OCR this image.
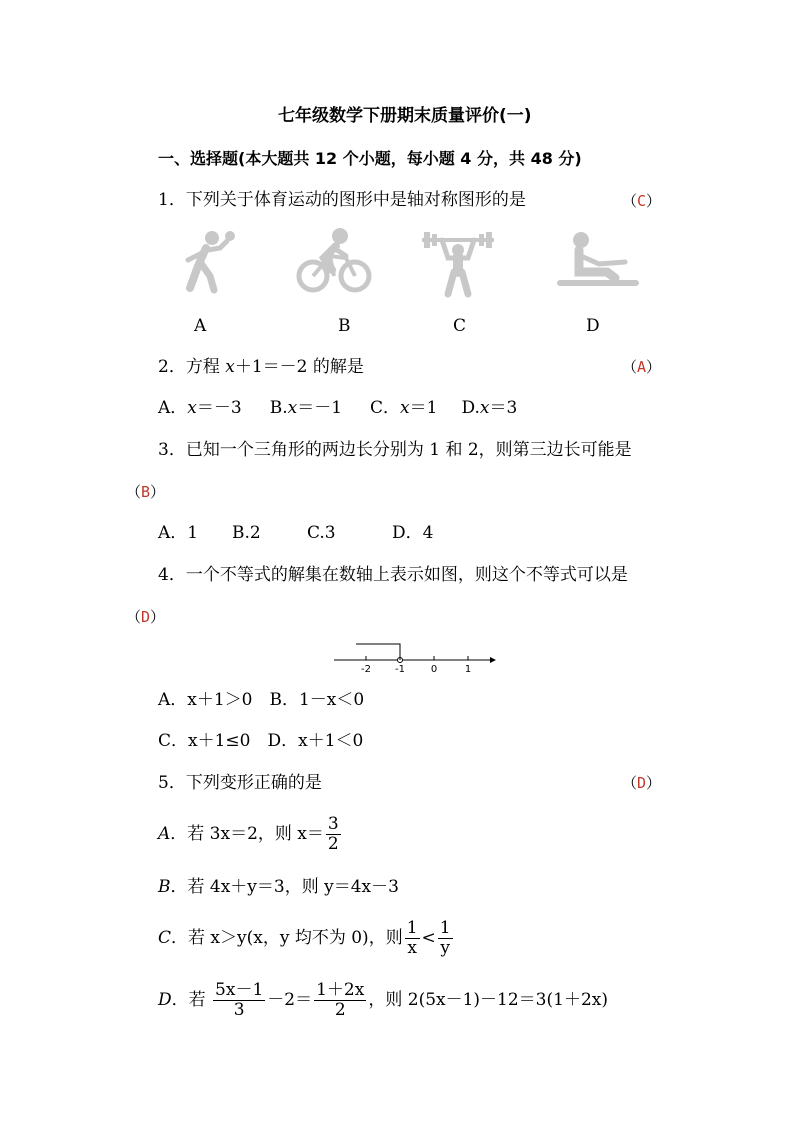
七年级数学下册期末质量评价(一)
一、选择题(本大题共 12 个小题，每小题 4 分，共 48 分)
1．下列关于体育运动的图形中是轴对称图形的是	（C）
A	B	C	D
2．方程 x＋1＝－2 的解是	（A）
A．x＝－3 B.x＝－1 C．x＝1 D.x＝3
3．已知一个三角形的两边长分别为 1 和 2，则第三边长可能是
（B）
A．1 B.2	C.3	D．4
4．一个不等式的解集在数轴上表示如图，则这个不等式可以是
（D）
-2 -1	0	1
A．x＋1＞0　B．1－x＜0
C．x＋1≤0　D．x＋1＜0
5．下列变形正确的是	（D）
A．若 3x＝2，则 $x= \frac{3}{2}$
B．若 4x＋y＝3，则 y＝4x－3
C．若 x＞y(x，y 均不为 0)，则 $\frac{1}{x} < \frac{1}{y}$
D．若 $\frac{5x-1}{3} -2= \frac{1+2x}{2}$ ，则 2(5x－1)－12＝3(1＋2x)
